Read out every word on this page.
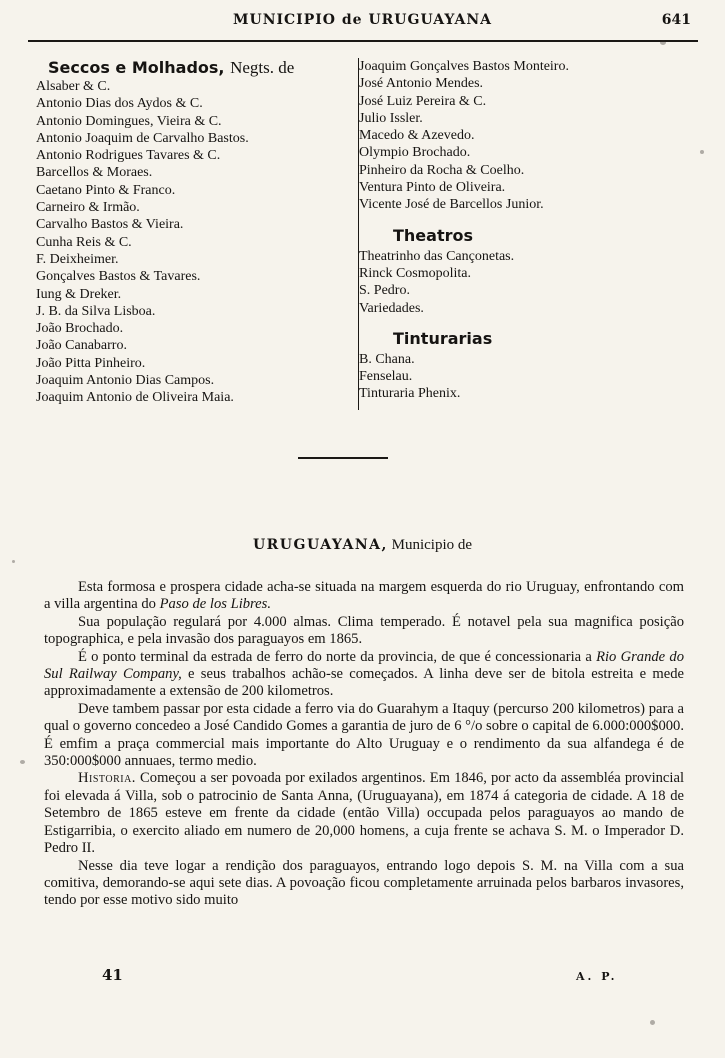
MUNICIPIO de URUGUAYANA	641
Seccos e Molhados, Negts. de
Alsaber & C.
Antonio Dias dos Aydos & C.
Antonio Domingues, Vieira & C.
Antonio Joaquim de Carvalho Bastos.
Antonio Rodrigues Tavares & C.
Barcellos & Moraes.
Caetano Pinto & Franco.
Carneiro & Irmão.
Carvalho Bastos & Vieira.
Cunha Reis & C.
F. Deixheimer.
Gonçalves Bastos & Tavares.
Iung & Dreker.
J. B. da Silva Lisboa.
João Brochado.
João Canabarro.
João Pitta Pinheiro.
Joaquim Antonio Dias Campos.
Joaquim Antonio de Oliveira Maia.
Joaquim Gonçalves Bastos Monteiro.
José Antonio Mendes.
José Luiz Pereira & C.
Julio Issler.
Macedo & Azevedo.
Olympio Brochado.
Pinheiro da Rocha & Coelho.
Ventura Pinto de Oliveira.
Vicente José de Barcellos Junior.
Theatros
Theatrinho das Cançonetas.
Rinck Cosmopolita.
S. Pedro.
Variedades.
Tinturarias
B. Chana.
Fenselau.
Tinturaria Phenix.
URUGUAYANA, Municipio de

Esta formosa e prospera cidade acha-se situada na margem esquerda do rio Uruguay, enfrontando com a villa argentina do Paso de los Libres.

Sua população regulará por 4.000 almas. Clima temperado. É notavel pela sua magnifica posição topographica, e pela invasão dos paraguayos em 1865.

É o ponto terminal da estrada de ferro do norte da provincia, de que é concessionaria a Rio Grande do Sul Railway Company, e seus trabalhos achão-se começados. A linha deve ser de bitola estreita e mede approximadamente a extensão de 200 kilometros.

Deve tambem passar por esta cidade a ferro via do Guarahym a Itaquy (percurso 200 kilometros) para a qual o governo concedeo a José Candido Gomes a garantia de juro de 6 °/o sobre o capital de 6.000:000$000. É emfim a praça commercial mais importante do Alto Uruguay e o rendimento da sua alfandega é de 350:000$000 annuaes, termo medio.

Historia. Começou a ser povoada por exilados argentinos. Em 1846, por acto da assembléa provincial foi elevada á Villa, sob o patrocinio de Santa Anna, (Uruguayana), em 1874 á categoria de cidade. A 18 de Setembro de 1865 esteve em frente da cidade (então Villa) occupada pelos paraguayos ao mando de Estigarribia, o exercito aliado em numero de 20,000 homens, a cuja frente se achava S. M. o Imperador D. Pedro II.

Nesse dia teve logar a rendição dos paraguayos, entrando logo depois S. M. na Villa com a sua comitiva, demorando-se aqui sete dias. A povoação ficou completamente arruinada pelos barbaros invasores, tendo por esse motivo sido muito

41	A. P.
